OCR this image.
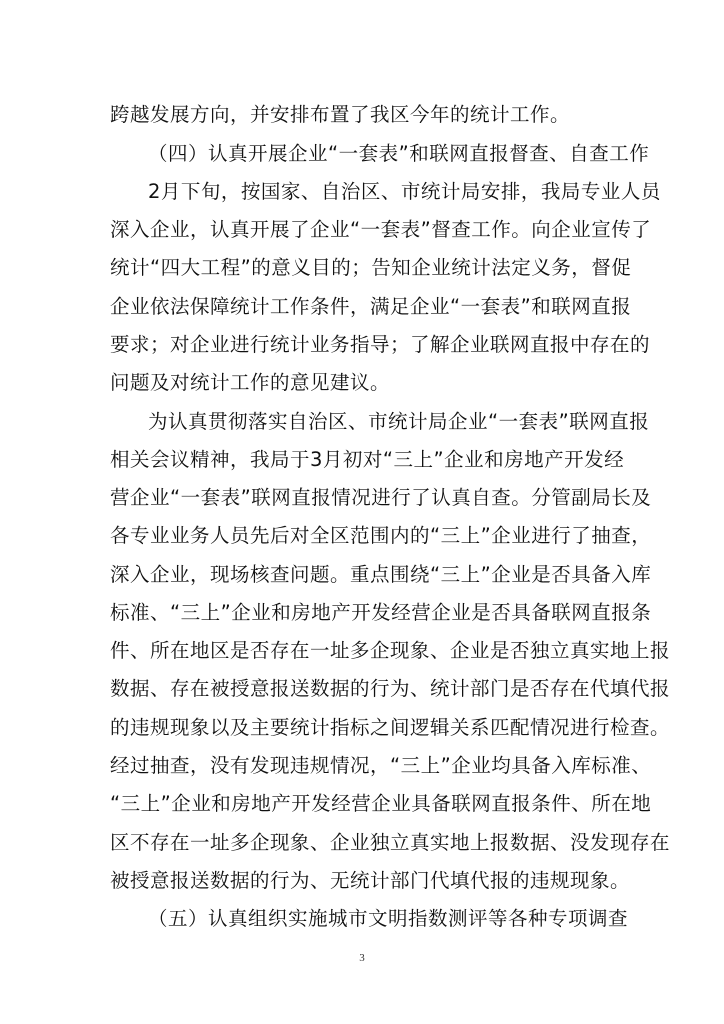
跨越发展方向，并安排布置了我区今年的统计工作。
（四）认真开展企业“一套表”和联网直报督查、自查工作
2月下旬，按国家、自治区、市统计局安排，我局专业人员
深入企业，认真开展了企业“一套表”督查工作。向企业宣传了
统计“四大工程”的意义目的；告知企业统计法定义务，督促
企业依法保障统计工作条件，满足企业“一套表”和联网直报
要求；对企业进行统计业务指导；了解企业联网直报中存在的
问题及对统计工作的意见建议。
为认真贯彻落实自治区、市统计局企业“一套表”联网直报
相关会议精神，我局于3月初对“三上”企业和房地产开发经
营企业“一套表”联网直报情况进行了认真自查。分管副局长及
各专业业务人员先后对全区范围内的“三上”企业进行了抽查，
深入企业，现场核查问题。重点围绕“三上”企业是否具备入库
标准、“三上”企业和房地产开发经营企业是否具备联网直报条
件、所在地区是否存在一址多企现象、企业是否独立真实地上报
数据、存在被授意报送数据的行为、统计部门是否存在代填代报
的违规现象以及主要统计指标之间逻辑关系匹配情况进行检查。
经过抽查，没有发现违规情况，“三上”企业均具备入库标准、
“三上”企业和房地产开发经营企业具备联网直报条件、所在地
区不存在一址多企现象、企业独立真实地上报数据、没发现存在
被授意报送数据的行为、无统计部门代填代报的违规现象。
（五）认真组织实施城市文明指数测评等各种专项调查
3
